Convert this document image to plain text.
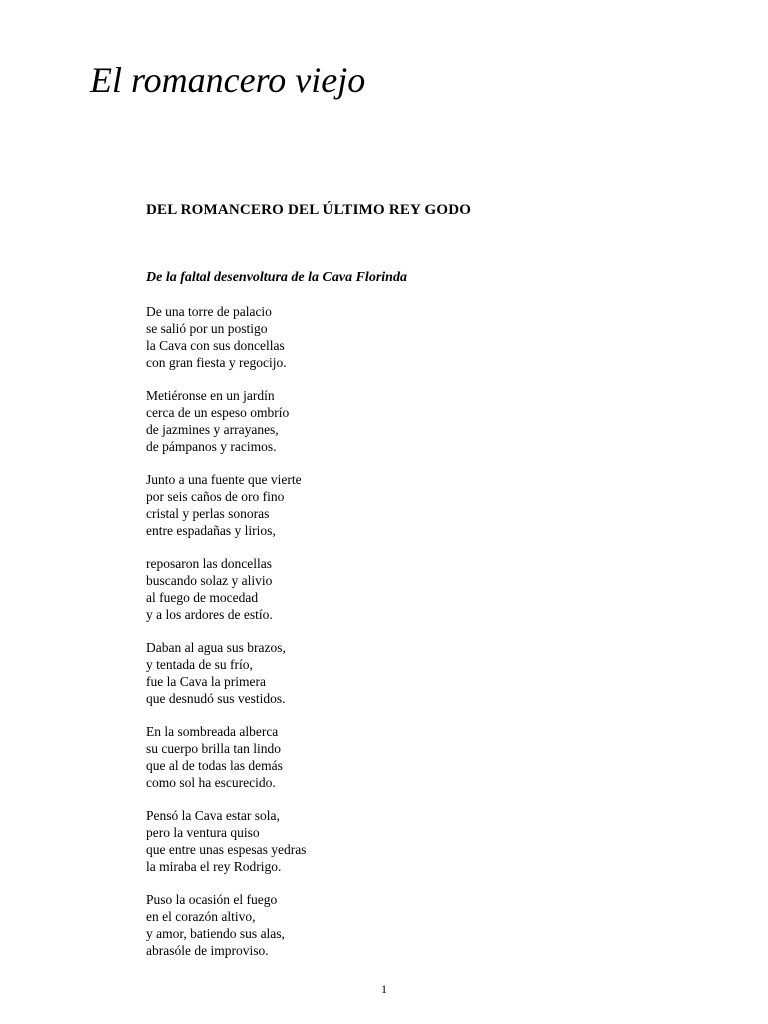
El romancero viejo
DEL ROMANCERO DEL ÚLTIMO REY GODO
De la faltal desenvoltura de la Cava Florinda
De una torre de palacio
se salió por un postigo
la Cava con sus doncellas
con gran fiesta y regocijo.
Metiéronse en un jardín
cerca de un espeso ombrío
de jazmines y arrayanes,
de pámpanos y racimos.
Junto a una fuente que vierte
por seis caños de oro fino
cristal y perlas sonoras
entre espadañas y lirios,
reposaron las doncellas
buscando solaz y alivio
al fuego de mocedad
y a los ardores de estío.
Daban al agua sus brazos,
y tentada de su frío,
fue la Cava la primera
que desnudó sus vestidos.
En la sombreada alberca
su cuerpo brilla tan lindo
que al de todas las demás
como sol ha escurecido.
Pensó la Cava estar sola,
pero la ventura quiso
que entre unas espesas yedras
la miraba el rey Rodrigo.
Puso la ocasión el fuego
en el corazón altivo,
y amor, batiendo sus alas,
abrasóle de improviso.
1
